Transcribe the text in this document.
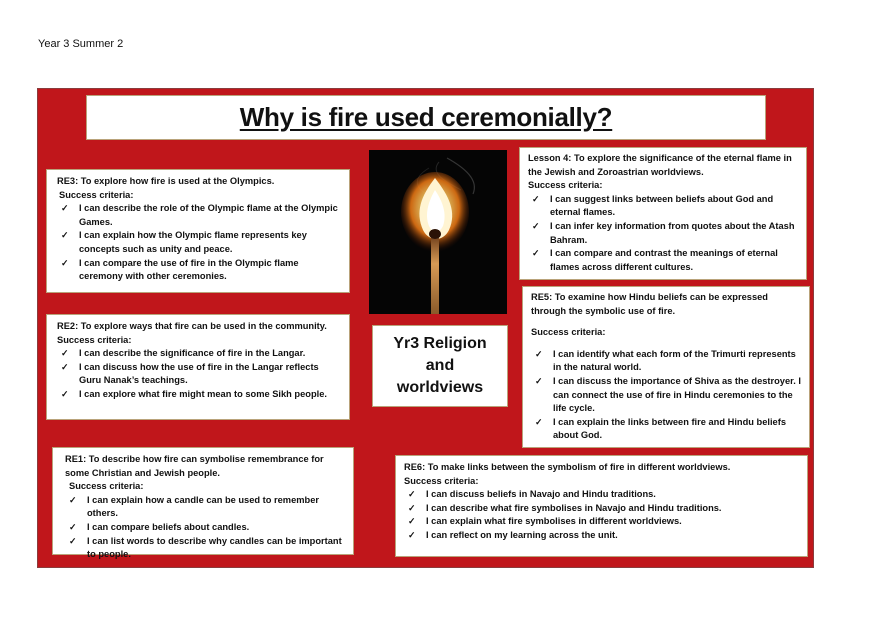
Year 3 Summer 2
Why is fire used ceremonially?
RE3: To explore how fire is used at the Olympics.
Success criteria:
✓ I can describe the role of the Olympic flame at the Olympic Games.
✓ I can explain how the Olympic flame represents key concepts such as unity and peace.
✓ I can compare the use of fire in the Olympic flame ceremony with other ceremonies.
RE2: To explore ways that fire can be used in the community.
Success criteria:
✓ I can describe the significance of fire in the Langar.
✓ I can discuss how the use of fire in the Langar reflects Guru Nanak’s teachings.
✓ I can explore what fire might mean to some Sikh people.
RE1: To describe how fire can symbolise remembrance for some Christian and Jewish people.
Success criteria:
✓ I can explain how a candle can be used to remember others.
✓ I can compare beliefs about candles.
✓ I can list words to describe why candles can be important to people.
Yr3 Religion
and
worldviews
Lesson 4: To explore the significance of the eternal flame in the Jewish and Zoroastrian worldviews.
Success criteria:
✓ I can suggest links between beliefs about God and eternal flames.
✓ I can infer key information from quotes about the Atash Bahram.
✓ I can compare and contrast the meanings of eternal flames across different cultures.
RE5: To examine how Hindu beliefs can be expressed through the symbolic use of fire.
Success criteria:
✓ I can identify what each form of the Trimurti represents in the natural world.
✓ I can discuss the importance of Shiva as the destroyer. I can connect the use of fire in Hindu ceremonies to the life cycle.
✓ I can explain the links between fire and Hindu beliefs about God.
RE6: To make links between the symbolism of fire in different worldviews.
Success criteria:
✓ I can discuss beliefs in Navajo and Hindu traditions.
✓ I can describe what fire symbolises in Navajo and Hindu traditions.
✓ I can explain what fire symbolises in different worldviews.
✓ I can reflect on my learning across the unit.
